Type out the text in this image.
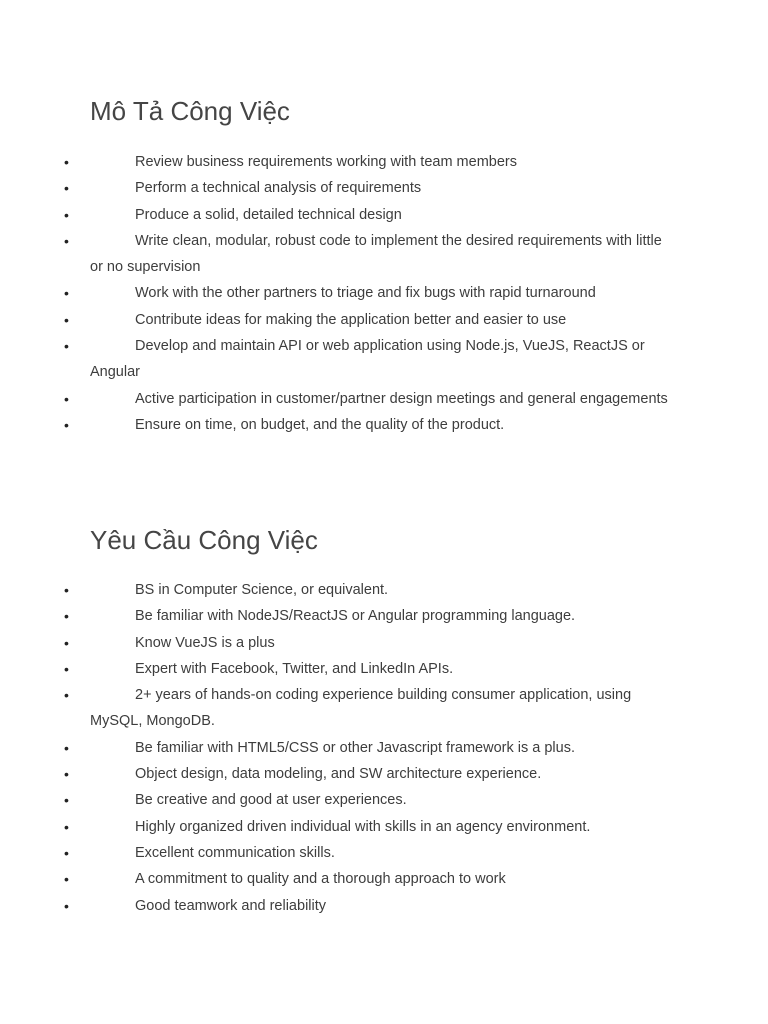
Mô Tả Công Việc
•	Review business requirements working with team members
•	Perform a technical analysis of requirements
•	Produce a solid, detailed technical design
•	Write clean, modular, robust code to implement the desired requirements with little or no supervision
•	Work with the other partners to triage and fix bugs with rapid turnaround
•	Contribute ideas for making the application better and easier to use
•	Develop and maintain API or web application using Node.js, VueJS, ReactJS or Angular
•	Active participation in customer/partner design meetings and general engagements
•	Ensure on time, on budget, and the quality of the product.
Yêu Cầu Công Việc
•	BS in Computer Science, or equivalent.
•	Be familiar with NodeJS/ReactJS or Angular programming language.
•	Know VueJS is a plus
•	Expert with Facebook, Twitter, and LinkedIn APIs.
•	2+ years of hands-on coding experience building consumer application, using MySQL, MongoDB.
•	Be familiar with HTML5/CSS or other Javascript framework is a plus.
•	Object design, data modeling, and SW architecture experience.
•	Be creative and good at user experiences.
•	Highly organized driven individual with skills in an agency environment.
•	Excellent communication skills.
•	A commitment to quality and a thorough approach to work
•	Good teamwork and reliability
